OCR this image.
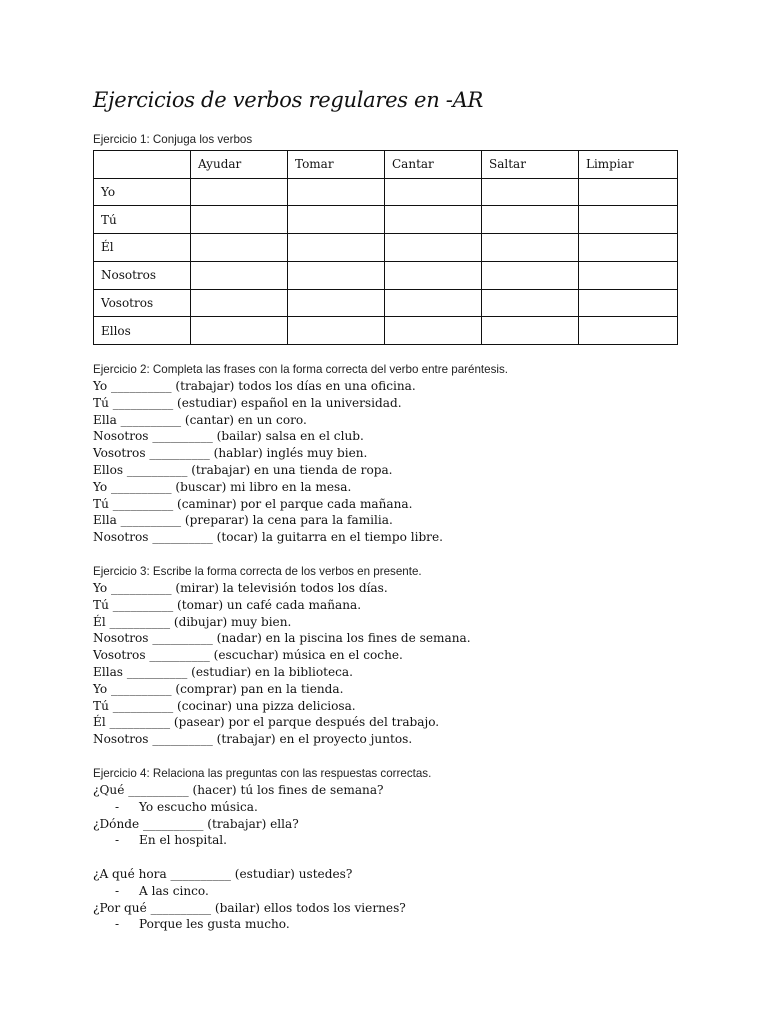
Ejercicios de verbos regulares en -AR
Ejercicio 1: Conjuga los verbos
	Ayudar	Tomar	Cantar	Saltar	Limpiar
Yo					
Tú					
Él					
Nosotros					
Vosotros					
Ellos					
Ejercicio 2: Completa las frases con la forma correcta del verbo entre paréntesis.
Yo __________ (trabajar) todos los días en una oficina.
Tú __________ (estudiar) español en la universidad.
Ella __________ (cantar) en un coro.
Nosotros __________ (bailar) salsa en el club.
Vosotros __________ (hablar) inglés muy bien.
Ellos __________ (trabajar) en una tienda de ropa.
Yo __________ (buscar) mi libro en la mesa.
Tú __________ (caminar) por el parque cada mañana.
Ella __________ (preparar) la cena para la familia.
Nosotros __________ (tocar) la guitarra en el tiempo libre.
Ejercicio 3: Escribe la forma correcta de los verbos en presente.
Yo __________ (mirar) la televisión todos los días.
Tú __________ (tomar) un café cada mañana.
Él __________ (dibujar) muy bien.
Nosotros __________ (nadar) en la piscina los fines de semana.
Vosotros __________ (escuchar) música en el coche.
Ellas __________ (estudiar) en la biblioteca.
Yo __________ (comprar) pan en la tienda.
Tú __________ (cocinar) una pizza deliciosa.
Él __________ (pasear) por el parque después del trabajo.
Nosotros __________ (trabajar) en el proyecto juntos.
Ejercicio 4: Relaciona las preguntas con las respuestas correctas.
¿Qué __________ (hacer) tú los fines de semana?
- Yo escucho música.
¿Dónde __________ (trabajar) ella?
- En el hospital.
¿A qué hora __________ (estudiar) ustedes?
- A las cinco.
¿Por qué __________ (bailar) ellos todos los viernes?
- Porque les gusta mucho.
